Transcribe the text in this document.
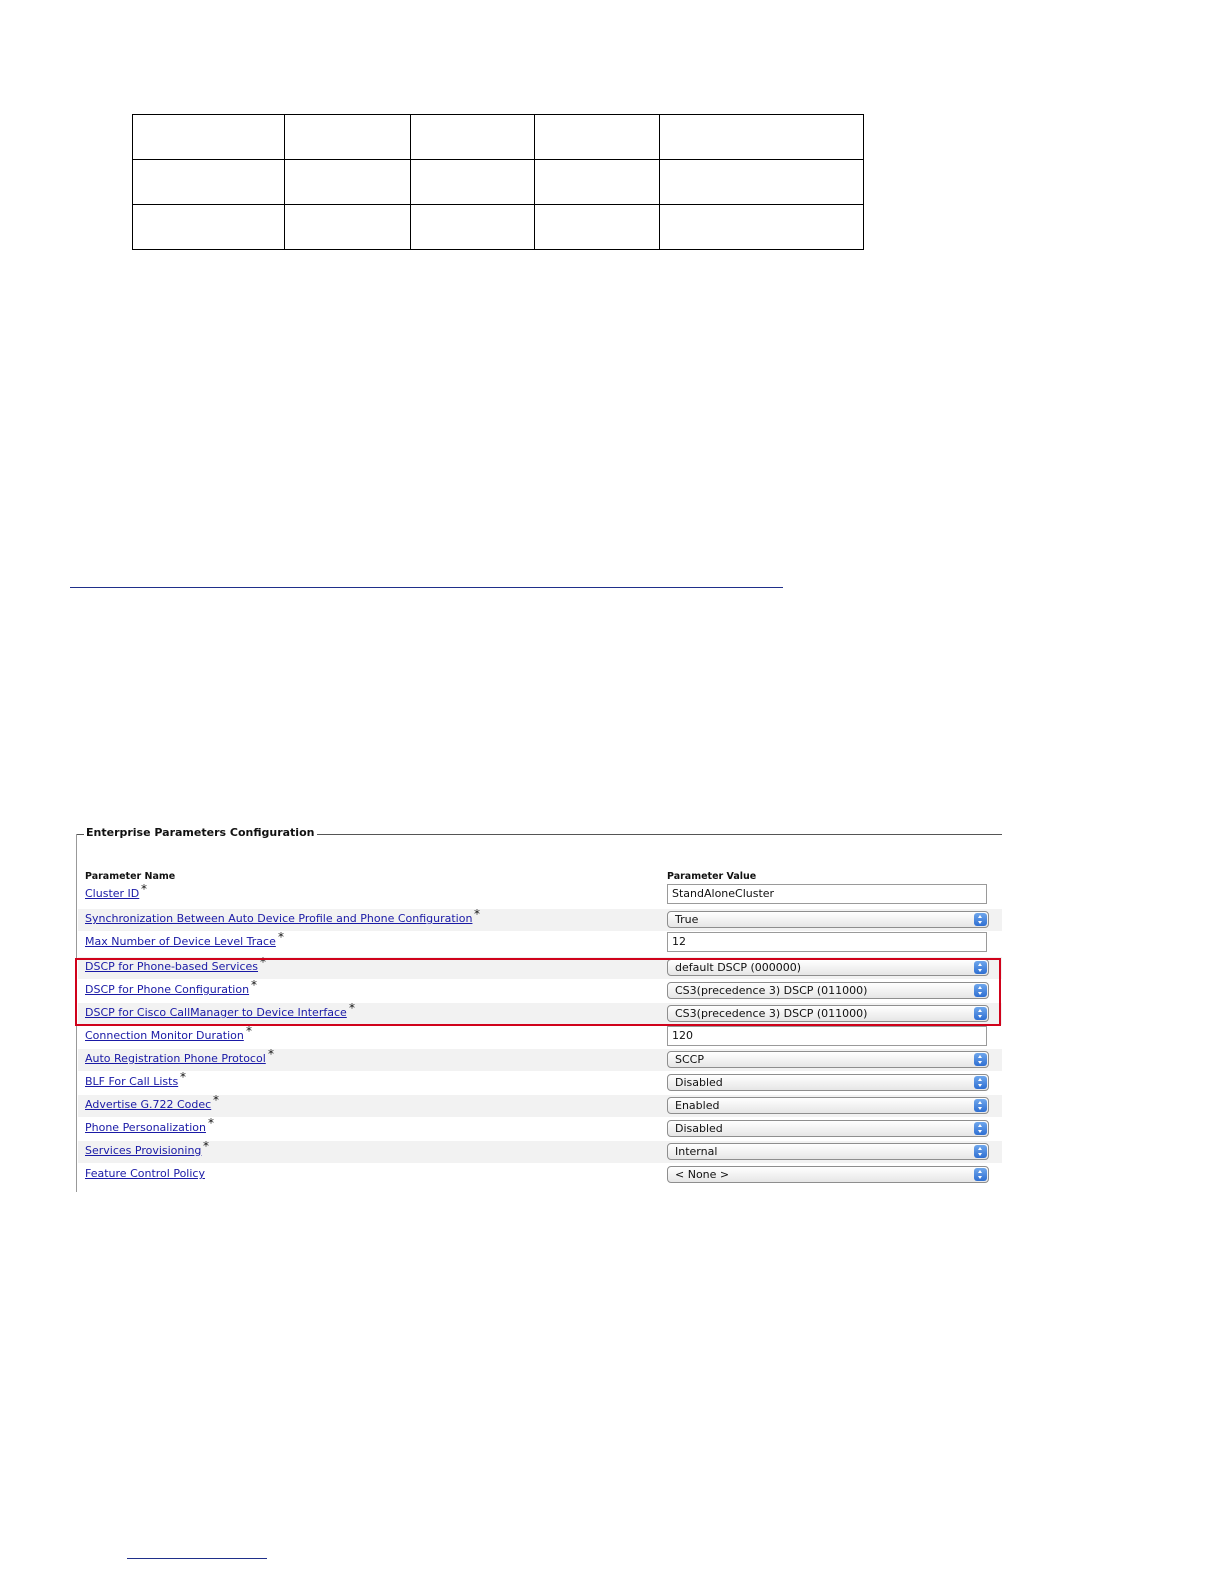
Enterprise Parameters Configuration
Parameter Name	Parameter Value
Cluster ID *	StandAloneCluster
Synchronization Between Auto Device Profile and Phone Configuration *	True
Max Number of Device Level Trace *	12
DSCP for Phone-based Services *	default DSCP (000000)
DSCP for Phone Configuration *	CS3(precedence 3) DSCP (011000)
DSCP for Cisco CallManager to Device Interface *	CS3(precedence 3) DSCP (011000)
Connection Monitor Duration *	120
Auto Registration Phone Protocol *	SCCP
BLF For Call Lists *	Disabled
Advertise G.722 Codec *	Enabled
Phone Personalization *	Disabled
Services Provisioning *	Internal
Feature Control Policy	< None >
